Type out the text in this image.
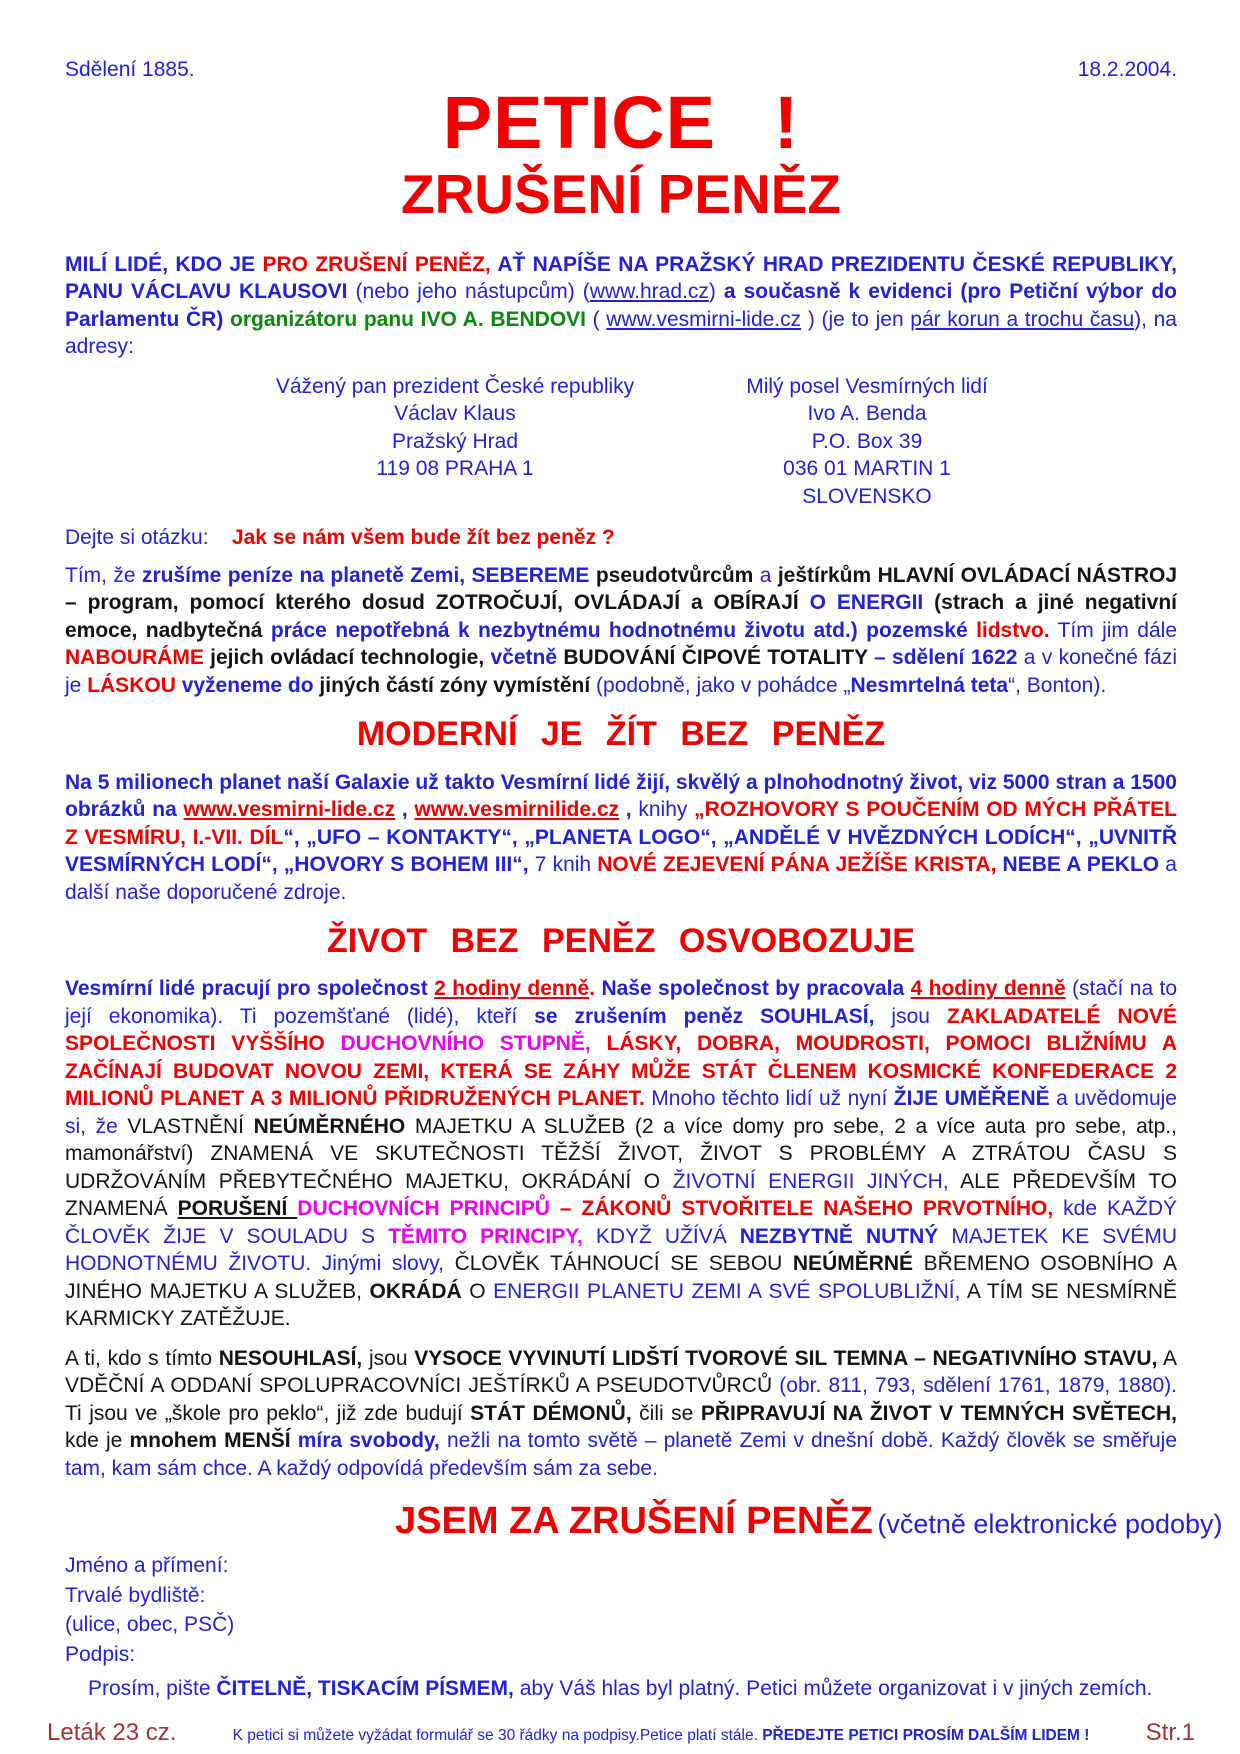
Sdělení 1885.	18.2.2004.
PETICE !
ZRUŠENÍ PENĚZ

MILÍ LIDÉ, KDO JE PRO ZRUŠENÍ PENĚZ, AŤ NAPÍŠE NA PRAŽSKÝ HRAD PREZIDENTU ČESKÉ REPUBLIKY, PANU VÁCLAVU KLAUSOVI (nebo jeho nástupcům) (www.hrad.cz) a současně k evidenci (pro Petiční výbor do Parlamentu ČR) organizátoru panu IVO A. BENDOVI ( www.vesmirni-lide.cz ) (je to jen pár korun a trochu času), na adresy:

Vážený pan prezident České republiky
Václav Klaus
Pražský Hrad
119 08 PRAHA 1
Milý posel Vesmírných lidí
Ivo A. Benda
P.O. Box 39
036 01 MARTIN 1
SLOVENSKO
Dejte si otázku: Jak se nám všem bude žít bez peněz ?

Tím, že zrušíme peníze na planetě Zemi, SEBEREME pseudotvůrcům a ještírkům HLAVNÍ OVLÁDACÍ NÁSTROJ – program, pomocí kterého dosud ZOTROČUJÍ, OVLÁDAJÍ a OBÍRAJÍ O ENERGII (strach a jiné negativní emoce, nadbytečná práce nepotřebná k nezbytnému hodnotnému životu atd.) pozemské lidstvo. Tím jim dále NABOURÁME jejich ovládací technologie, včetně BUDOVÁNÍ ČIPOVÉ TOTALITY – sdělení 1622 a v konečné fázi je LÁSKOU vyženeme do jiných částí zóny vymístění (podobně, jako v pohádce „Nesmrtelná teta“, Bonton).

MODERNÍ JE ŽÍT BEZ PENĚZ

Na 5 milionech planet naší Galaxie už takto Vesmírní lidé žijí, skvělý a plnohodnotný život, viz 5000 stran a 1500 obrázků na www.vesmirni-lide.cz , www.vesmirnilide.cz , knihy „ROZHOVORY S POUČENÍM OD MÝCH PŘÁTEL Z VESMÍRU, I.-VII. DÍL“, „UFO – KONTAKTY“, „PLANETA LOGO“, „ANDĚLÉ V HVĚZDNÝCH LODÍCH“, „UVNITŘ VESMÍRNÝCH LODÍ“, „HOVORY S BOHEM III“, 7 knih NOVÉ ZEJEVENÍ PÁNA JEŽÍŠE KRISTA, NEBE A PEKLO a další naše doporučené zdroje.

ŽIVOT BEZ PENĚZ OSVOBOZUJE

Vesmírní lidé pracují pro společnost 2 hodiny denně. Naše společnost by pracovala 4 hodiny denně (stačí na to její ekonomika). Ti pozemšťané (lidé), kteří se zrušením peněz SOUHLASÍ, jsou ZAKLADATELÉ NOVÉ SPOLEČNOSTI VYŠŠÍHO DUCHOVNÍHO STUPNĚ, LÁSKY, DOBRA, MOUDROSTI, POMOCI BLIŽNÍMU A ZAČÍNAJÍ BUDOVAT NOVOU ZEMI, KTERÁ SE ZÁHY MŮŽE STÁT ČLENEM KOSMICKÉ KONFEDERACE 2 MILIONŮ PLANET A 3 MILIONŮ PŘIDRUŽENÝCH PLANET. Mnoho těchto lidí už nyní ŽIJE UMĚŘENĚ a uvědomuje si, že VLASTNĚNÍ NEÚMĚRNÉHO MAJETKU A SLUŽEB (2 a více domy pro sebe, 2 a více auta pro sebe, atp., mamonářství) ZNAMENÁ VE SKUTEČNOSTI TĚŽŠÍ ŽIVOT, ŽIVOT S PROBLÉMY A ZTRÁTOU ČASU S UDRŽOVÁNÍM PŘEBYTEČNÉHO MAJETKU, OKRÁDÁNÍ O ŽIVOTNÍ ENERGII JINÝCH, ALE PŘEDEVŠÍM TO ZNAMENÁ PORUŠENÍ DUCHOVNÍCH PRINCIPŮ – ZÁKONŮ STVOŘITELE NAŠEHO PRVOTNÍHO, kde KAŽDÝ ČLOVĚK ŽIJE V SOULADU S TĚMITO PRINCIPY, KDYŽ UŽÍVÁ NEZBYTNĚ NUTNÝ MAJETEK KE SVÉMU HODNOTNÉMU ŽIVOTU. Jinými slovy, ČLOVĚK TÁHNOUCÍ SE SEBOU NEÚMĚRNÉ BŘEMENO OSOBNÍHO A JINÉHO MAJETKU A SLUŽEB, OKRÁDÁ O ENERGII PLANETU ZEMI A SVÉ SPOLUBLIŽNÍ, A TÍM SE NESMÍRNĚ KARMICKY ZATĚŽUJE.

A ti, kdo s tímto NESOUHLASÍ, jsou VYSOCE VYVINUTÍ LIDŠTÍ TVOROVÉ SIL TEMNA – NEGATIVNÍHO STAVU, A VDĚČNÍ A ODDANÍ SPOLUPRACOVNÍCI JEŠTÍRKŮ A PSEUDOTVŮRCŮ (obr. 811, 793, sdělení 1761, 1879, 1880). Ti jsou ve „škole pro peklo“, již zde budují STÁT DÉMONŮ, čili se PŘIPRAVUJÍ NA ŽIVOT V TEMNÝCH SVĚTECH, kde je mnohem MENŠÍ míra svobody, nežli na tomto světě – planetě Zemi v dnešní době. Každý člověk se směřuje tam, kam sám chce. A každý odpovídá především sám za sebe.

JSEM ZA ZRUŠENÍ PENĚZ (včetně elektronické podoby)
Jméno a přímení:
Trvalé bydliště:
(ulice, obec, PSČ)
Podpis:

Prosím, pište ČITELNĚ, TISKACÍM PÍSMEM, aby Váš hlas byl platný. Petici můžete organizovat i v jiných zemích.

Leták 23 cz.	K petici si můžete vyžádat formulář se 30 řádky na podpisy.Petice platí stále. PŘEDEJTE PETICI PROSÍM DALŠÍM LIDEM !	Str.1
